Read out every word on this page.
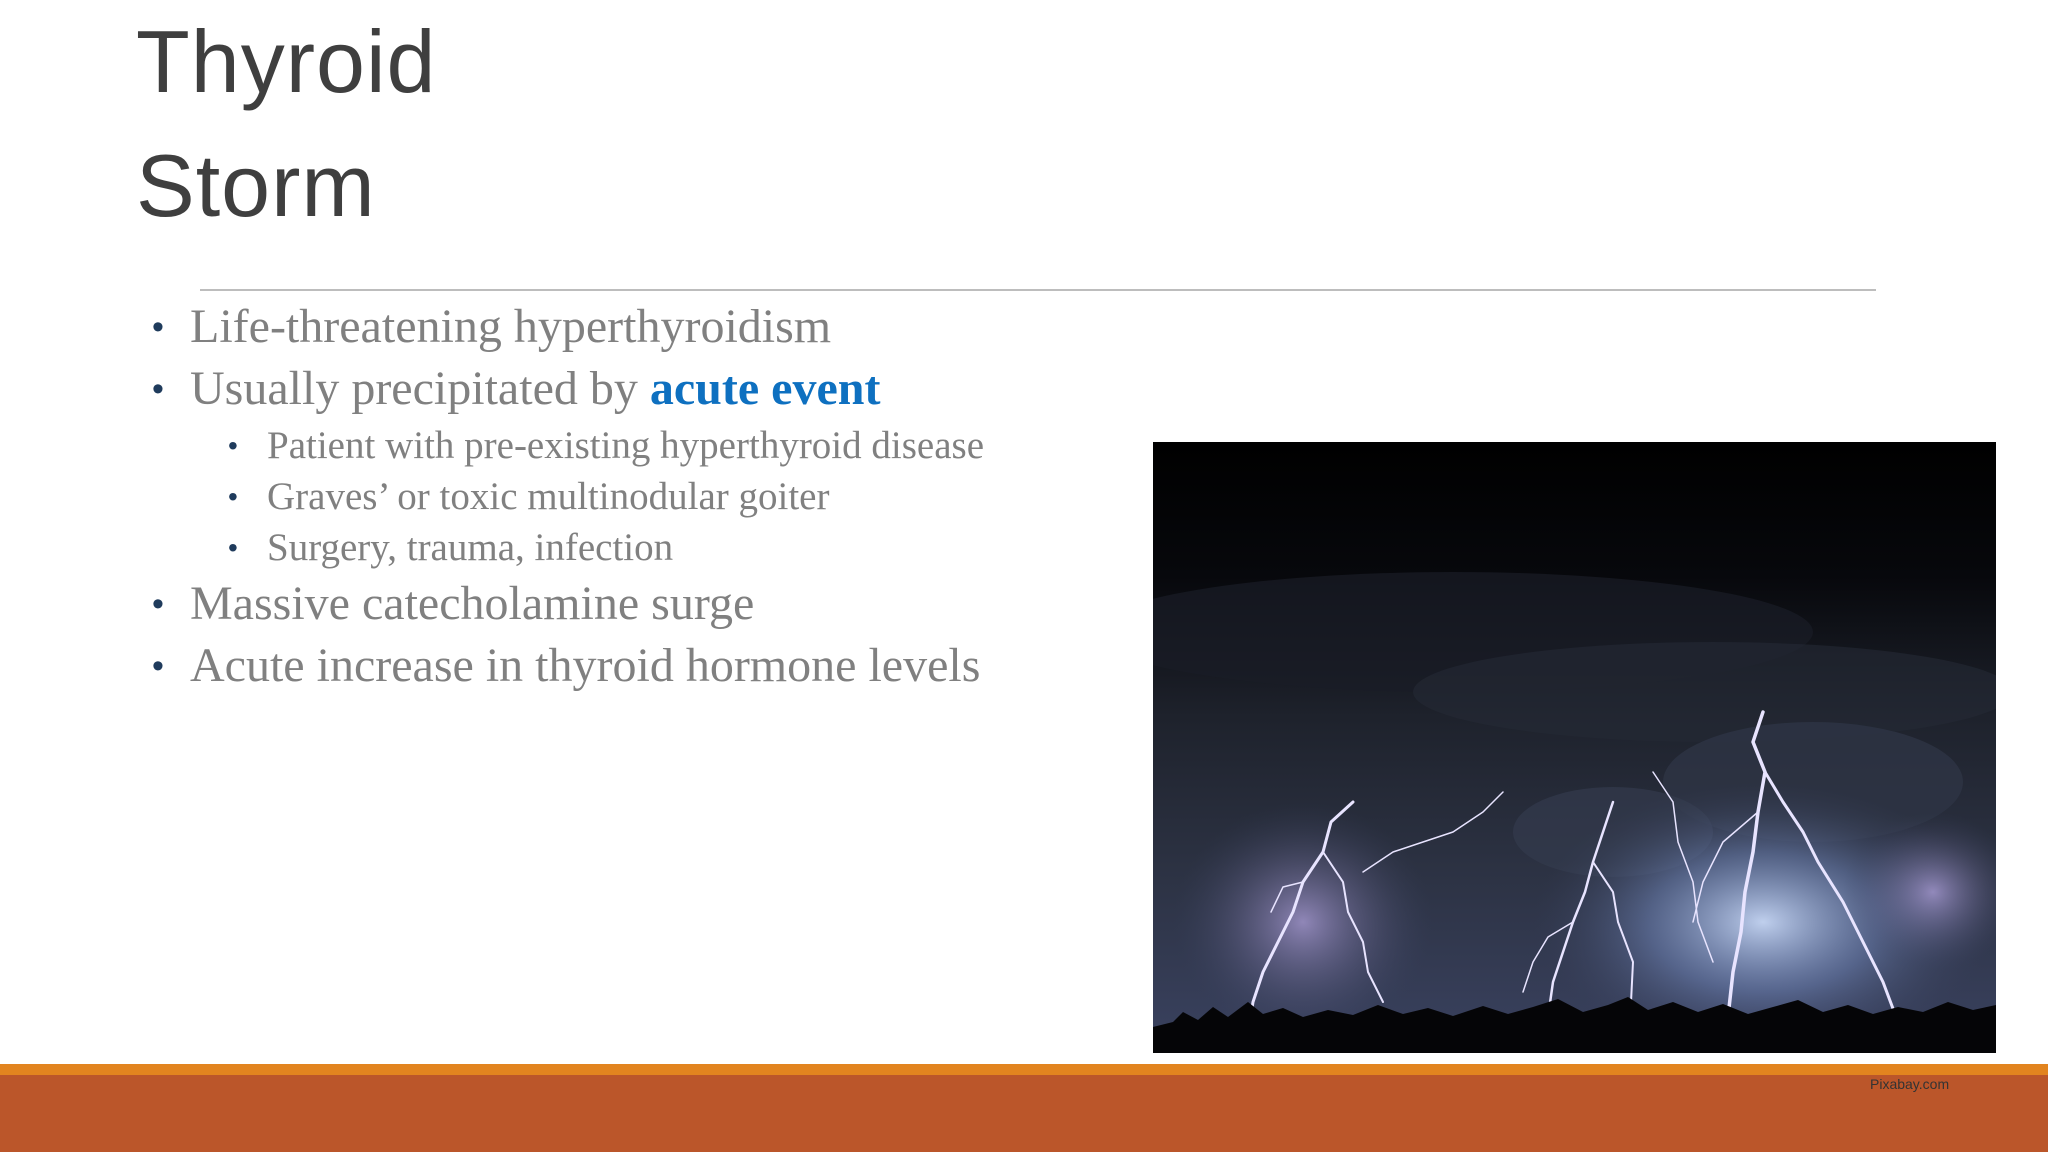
Thyroid
Storm
• Life-threatening hyperthyroidism
• Usually precipitated by acute event
• Patient with pre-existing hyperthyroid disease
• Graves’ or toxic multinodular goiter
• Surgery, trauma, infection
• Massive catecholamine surge
• Acute increase in thyroid hormone levels
Pixabay.com
